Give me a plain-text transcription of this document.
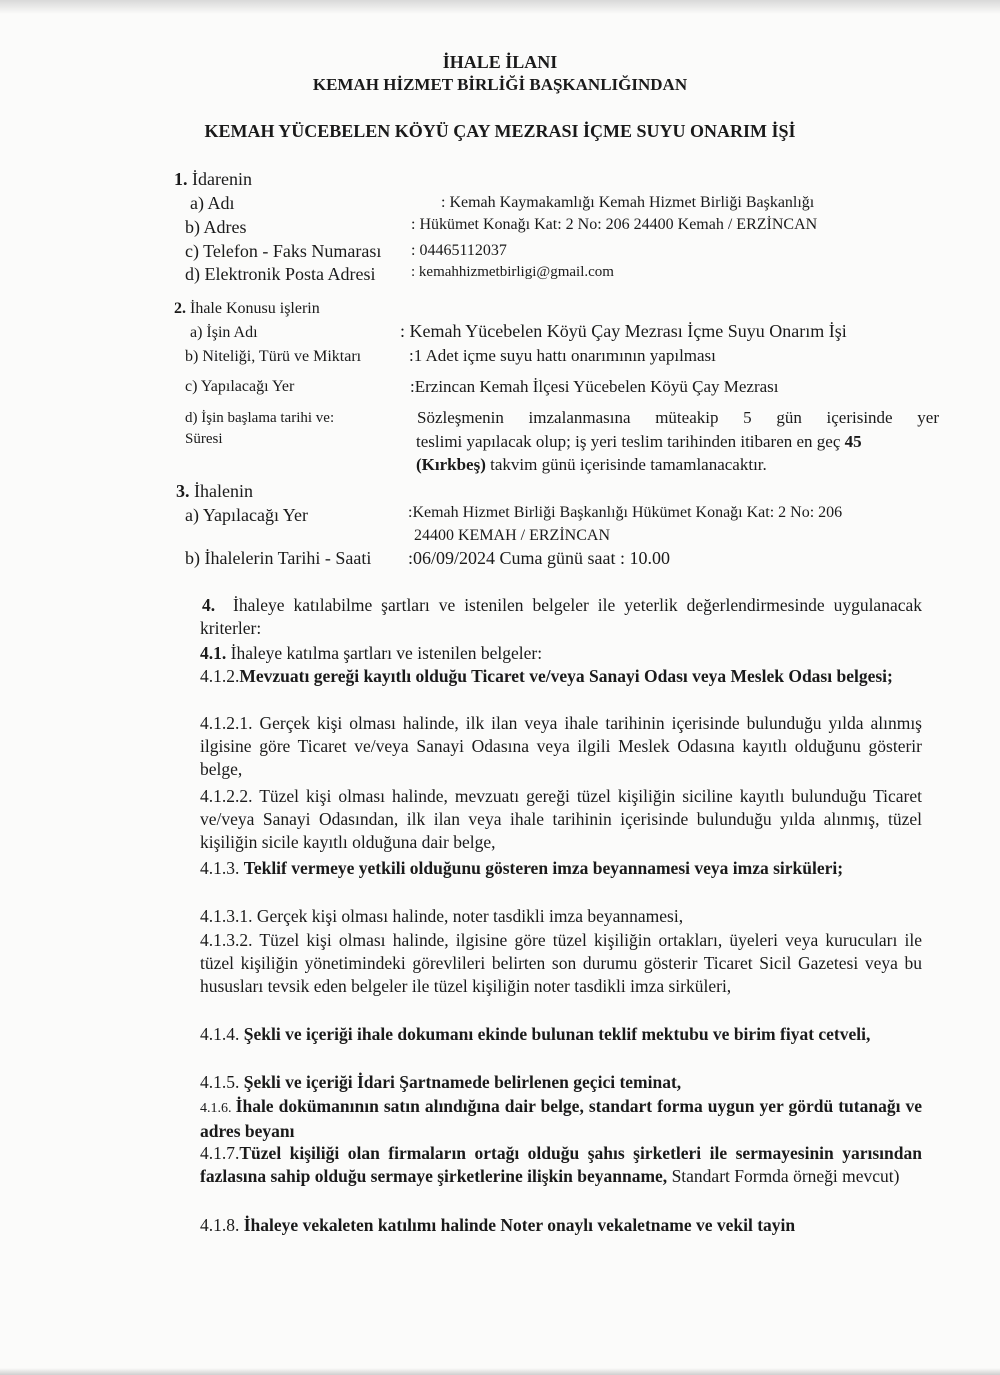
İHALE İLANI
KEMAH HİZMET BİRLİĞİ BAŞKANLIĞINDAN
KEMAH YÜCEBELEN KÖYÜ ÇAY MEZRASI İÇME SUYU ONARIM İŞİ
1. İdarenin
a) Adı	: Kemah Kaymakamlığı Kemah Hizmet Birliği Başkanlığı
b) Adres	: Hükümet Konağı Kat: 2 No: 206 24400 Kemah / ERZİNCAN
c) Telefon - Faks Numarası : 04465112037
d) Elektronik Posta Adresi : kemahhizmetbirligi@gmail.com
2. İhale Konusu işlerin
a) İşin Adı	: Kemah Yücebelen Köyü Çay Mezrası İçme Suyu Onarım İşi
b) Niteliği, Türü ve Miktarı	:1 Adet içme suyu hattı onarımının yapılması
c) Yapılacağı Yer	:Erzincan Kemah İlçesi Yücebelen Köyü Çay Mezrası
d) İşin başlama tarihi ve:
Süresi
Sözleşmenin imzalanmasına müteakip 5 gün içerisinde yer
teslimi yapılacak olup; iş yeri teslim tarihinden itibaren en geç 45
(Kırkbeş) takvim günü içerisinde tamamlanacaktır.
3. İhalenin
a) Yapılacağı Yer	:Kemah Hizmet Birliği Başkanlığı Hükümet Konağı Kat: 2 No: 206
24400 KEMAH / ERZİNCAN
b) İhalelerin Tarihi - Saati :06/09/2024 Cuma günü saat : 10.00
4. İhaleye katılabilme şartları ve istenilen belgeler ile yeterlik değerlendirmesinde uygulanacak kriterler:
4.1. İhaleye katılma şartları ve istenilen belgeler:
4.1.2.Mevzuatı gereği kayıtlı olduğu Ticaret ve/veya Sanayi Odası veya Meslek Odası belgesi;
4.1.2.1. Gerçek kişi olması halinde, ilk ilan veya ihale tarihinin içerisinde bulunduğu yılda alınmış ilgisine göre Ticaret ve/veya Sanayi Odasına veya ilgili Meslek Odasına kayıtlı olduğunu gösterir belge,
4.1.2.2. Tüzel kişi olması halinde, mevzuatı gereği tüzel kişiliğin siciline kayıtlı bulunduğu Ticaret ve/veya Sanayi Odasından, ilk ilan veya ihale tarihinin içerisinde bulunduğu yılda alınmış, tüzel kişiliğin sicile kayıtlı olduğuna dair belge,
4.1.3. Teklif vermeye yetkili olduğunu gösteren imza beyannamesi veya imza sirküleri;
4.1.3.1. Gerçek kişi olması halinde, noter tasdikli imza beyannamesi,
4.1.3.2. Tüzel kişi olması halinde, ilgisine göre tüzel kişiliğin ortakları, üyeleri veya kurucuları ile tüzel kişiliğin yönetimindeki görevlileri belirten son durumu gösterir Ticaret Sicil Gazetesi veya bu hususları tevsik eden belgeler ile tüzel kişiliğin noter tasdikli imza sirküleri,
4.1.4. Şekli ve içeriği ihale dokumanı ekinde bulunan teklif mektubu ve birim fiyat cetveli,
4.1.5. Şekli ve içeriği İdari Şartnamede belirlenen geçici teminat,
4.1.6. İhale dokümanının satın alındığına dair belge, standart forma uygun yer gördü tutanağı ve adres beyanı
4.1.7.Tüzel kişiliği olan firmaların ortağı olduğu şahıs şirketleri ile sermayesinin yarısından fazlasına sahip olduğu sermaye şirketlerine ilişkin beyanname, Standart Formda örneği mevcut)
4.1.8. İhaleye vekaleten katılımı halinde Noter onaylı vekaletname ve vekil tayin
